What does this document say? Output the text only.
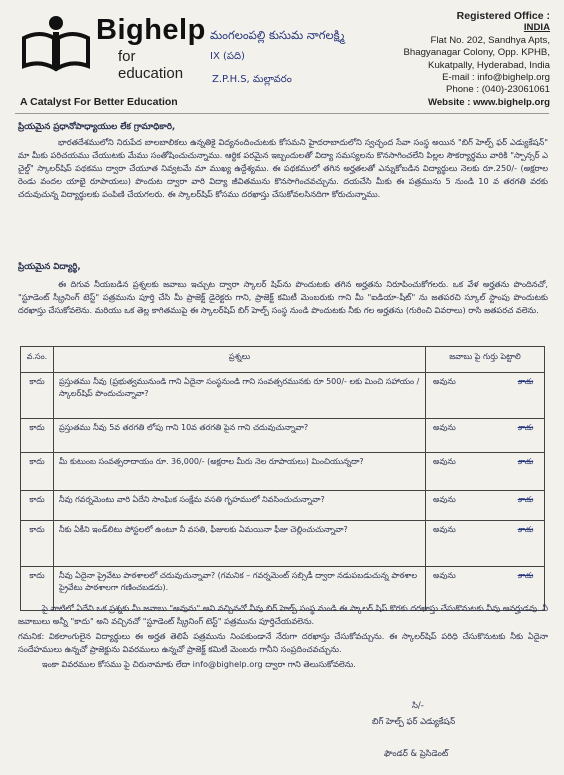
Bighelp
for education
A Catalyst For Better Education
మంగలంపల్లి కుసుమ నాగలక్ష్మి
IX (పది)
Z.P.H.S, మల్లావరం
Registered Office :
INDIA
Flat No. 202, Sandhya Apts,
Bhagyanagar Colony, Opp. KPHB,
Kukatpally, Hyderabad, India
E-mail : info@bighelp.org
Phone : (040)-23061061
Website : www.bighelp.org
ప్రియమైన ప్రధానోపాధ్యాయుల లేక గ్రామాధికారి,
భారతదేశములోని నిరుపేద బాలబాలికలు ఉన్నతికై విద్యనందించుటకు కోసమని హైదరాబాదులోని స్వచ్ఛంద సేవా సంస్థ అయిన "బిగ్ హెల్ప్ ఫర్ ఎడ్యుకేషన్" మా మీకు పరిచయము చేయుటకు మేము సంతోషించుచున్నాము. ఆర్థిక పరమైన ఇబ్బందులతో విద్యా సమస్యలను కొనసాగించలేని పిల్లల సౌకర్యార్థము వారికి "స్పాన్సర్ ఎ చైల్డ్" స్కాలర్‌షిప్ పథకము ద్వారా చేయూత నివ్వటమే మా ముఖ్య ఉద్దేశ్యము. ఈ పథకములో తగిన అర్హతలతో ఎన్నుకోబడిన విద్యార్థులు నెలకు రూ.250/- (అక్షరాల రెండు వందల యాభై రూపాయలు) పొందుట ద్వారా వారి విద్యా జీవితమును కొనసాగించవచ్చును. దయచేసి మీకు ఈ పత్రమును 5 నుండి 10 వ తరగతి వరకు చదువుచున్న విద్యార్థులకు పంపిణి చేయగలరు. ఈ స్కాలర్‌షిప్ కోసము దరఖాస్తు చేసుకోవలసినదిగా కోరుచున్నాము.
ప్రియమైన విద్యార్థి,
ఈ దిగువ నీయబడిన ప్రశ్నలకు జవాబు ఇచ్చుట ద్వారా స్కాలర్ షిప్‌ను పొందుటకు తగిన అర్హతను నిరూపించుకోగలరు. ఒక వేళ అర్హతను పొందినచో, "స్టూడెంట్ స్క్రీనింగ్ టెస్ట్" పత్రమును పూర్తి చేసి మీ ప్రాజెక్ట్ డైరెక్టరు గాని, ప్రాజెక్ట్ కమిటీ మెంబరుకు గాని మీ "ఐడియా-షీట్" ను జతపరచి స్కూల్ స్టాంపు పొందుటకు దరఖాస్తు చేసుకోవలెను. మరియు ఒక తెల్ల కాగితముపై ఈ స్కాలర్‌షిప్ బిగ్ హెల్ప్ సంస్థ నుండి పొందుటకు నీకు గల అర్హతను (గురించి వివరాలు) రాసి జతపరచ వలెను.
వ.సం.	ప్రశ్నలు	జవాబు పై గుర్తు పెట్టాలి
కాదు	ప్రస్తుతము నీవు (ప్రభుత్వమునుండి గాని ఏదైనా సంస్థనుండి గాని సంవత్సరమునకు రూ 500/- లకు మించి సహాయం / స్కాలర్‌షిప్ పొందుచున్నావా?	అవును కాదు

కాదు	ప్రస్తుతము నీవు 5వ తరగతి లోపు గాని 10వ తరగతి పైన గాని చదువుచున్నావా?	అవును కాదు

కాదు	మీ కుటుంబ సంవత్సరాదాయం రూ. 36,000/- (అక్షరాల మీరు నెల రూపాయలు) మించియున్నదా?	అవును కాదు

కాదు	నీవు గవర్నమెంటు వారి ఏదేని సాంఘిక సంక్షేమ వసతి గృహములో నివసించుచున్నావా?	అవును కాదు

కాదు	నీకు ఏకీని ఇండ్‌లిటు పోస్టలలో ఉంటూ నీ వసతి, ఫీజులకు ఏమయినా ఫీజు చెల్లించుచున్నావా?	అవును కాదు

కాదు	నీవు ఏదైనా ప్రైవేటు పాఠశాలలో చదువుచున్నావా? (గమనిక – గవర్నమెంట్ సబ్సిడీ ద్వారా నడుపబడుచున్న పాఠశాల ప్రైవేటు పాఠశాలగా గణించబడదు).	అవును కాదు
పై వాటిలో ఏదేని ఒక ప్రశ్నకు మీ జవాబు "అవును" అని వచ్చినచో నీవు బిగ్ హెల్ప్ సంస్థ నుండి ఈ స్కాలర్ షిప్ కొరకు దరఖాస్తు చేసుకొనుటకు నీవు అనర్హుడవు. నీ జవాబులు అన్నీ "కాదు" అని వచ్చినచో "స్టూడెంట్ స్క్రీనింగ్ టెస్ట్" పత్రమును పూర్తిచేయవలెను.
గమనిక: వికలాంగులైన విద్యార్థులు ఈ అర్హత తెలిపే పత్రమును నింపకుండానే నేరుగా దరఖాస్తు చేసుకోవచ్చును. ఈ స్కాలర్‌షిప్ పరిధి చేసుకొనుటకు నీకు ఏదైనా సందేహములు ఉన్నచో ప్రాజెక్టును వివరములు ఉన్నచో ప్రాజెక్ట్ కమిటీ మెంబరు గానీని సంప్రదించవచ్చును.
ఇంకా వివరముల కోసము పై చిరునామాకు లేదా info@bighelp.org ద్వారా గాని తెలుసుకోవలెను.
సి/-
బిగ్ హెల్ప్ ఫర్ ఎడ్యుకేషన్
ఫౌండర్ & ప్రెసిడెంట్
